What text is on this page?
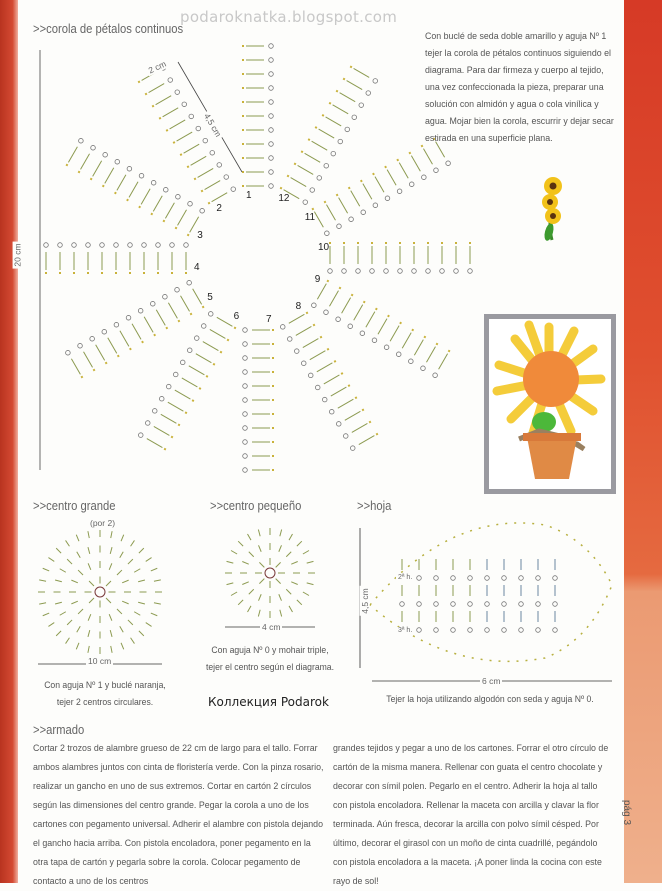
podaroknatka.blogspot.com
>>corola de pétalos continuos
Con buclé de seda doble amarillo y aguja Nº 1 tejer la corola de pétalos continuos siguiendo el diagrama. Para dar firmeza y cuerpo al tejido, una vez confeccionada la pieza, preparar una solución con almidón y agua o cola vinílica y agua. Mojar bien la corola, escurrir y dejar secar estirada en una superficie plana.
20 cm
4,5 cm
2 cm
1
2
3
4
5
6	7
8
9
10
11
12
>>centro grande
(por 2)
10 cm
Con aguja Nº 1 y buclé naranja,
tejer 2 centros circulares.
>>centro pequeño
4 cm
Con aguja Nº 0 y mohair triple,
tejer el centro según el diagrama.
>>hoja
4,5 cm
6 cm
2ª h.
3ª h.
Tejer la hoja utilizando algodón con seda y aguja Nº 0.
Коллекция Podarok
>>armado
Cortar 2 trozos de alambre grueso de 22 cm de largo para el tallo. Forrar ambos alambres juntos con cinta de floristería verde. Con la pinza rosario, realizar un gancho en uno de sus extremos. Cortar en cartón 2 círculos según las dimensiones del centro grande. Pegar la corola a uno de los cartones con pegamento universal. Adherir el alambre con pistola dejando el gancho hacia arriba. Con pistola encoladora, poner pegamento en la otra tapa de cartón y pegarla sobre la corola. Colocar pegamento de contacto a uno de los centros
grandes tejidos y pegar a uno de los cartones. Forrar el otro círculo de cartón de la misma manera. Rellenar con guata el centro chocolate y decorar con símil polen. Pegarlo en el centro. Adherir la hoja al tallo con pistola encoladora. Rellenar la maceta con arcilla y clavar la flor terminada. Aún fresca, decorar la arcilla con polvo símil césped. Por último, decorar el girasol con un moño de cinta cuadrillé, pegándolo con pistola encoladora a la maceta. ¡A poner linda la cocina con este rayo de sol!
pág 3
